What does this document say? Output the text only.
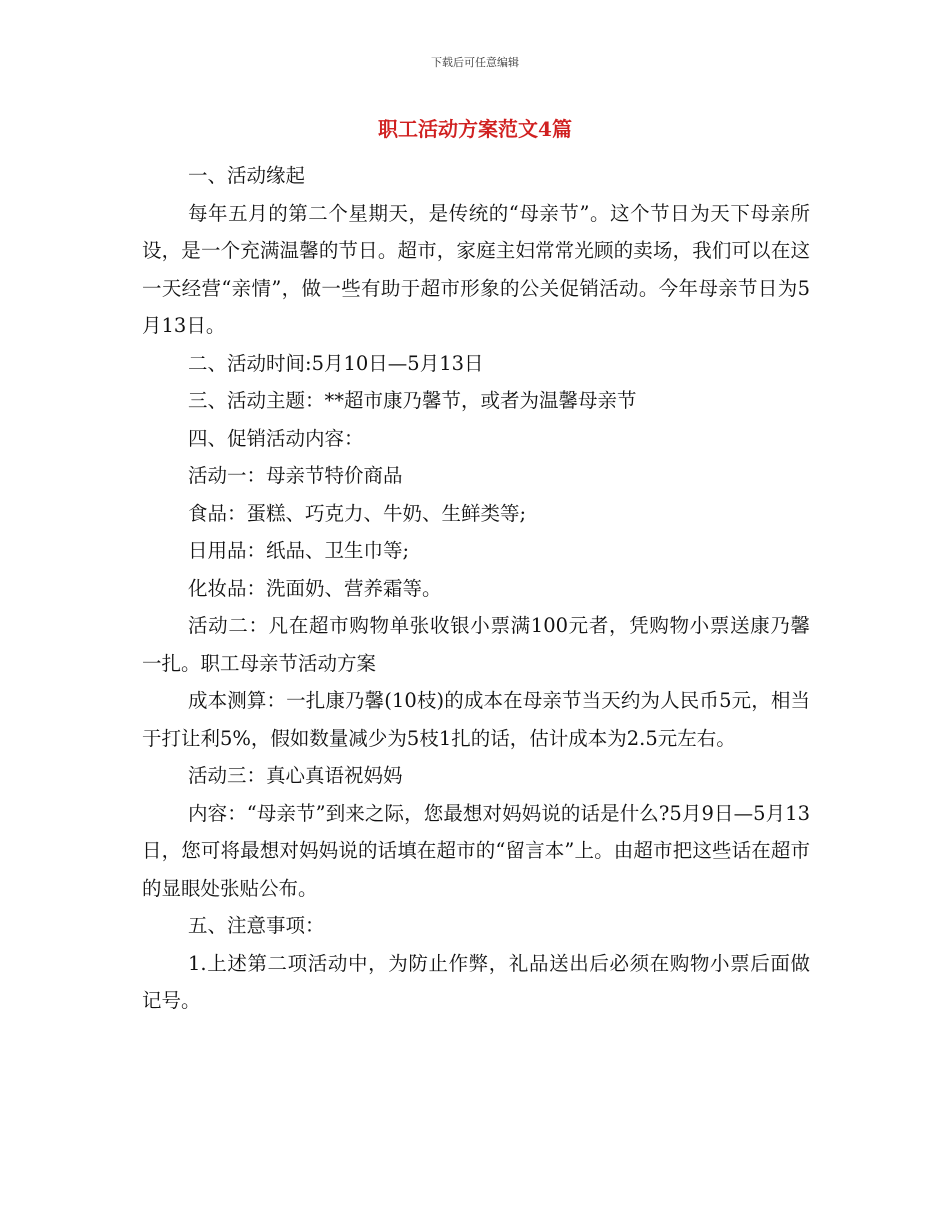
下载后可任意编辑
职工活动方案范文4篇

一、活动缘起

每年五月的第二个星期天，是传统的“母亲节”。这个节日为天下母亲所设，是一个充满温馨的节日。超市，家庭主妇常常光顾的卖场，我们可以在这一天经营“亲情”，做一些有助于超市形象的公关促销活动。今年母亲节日为5月13日。

二、活动时间:5月10日—5月13日

三、活动主题：**超市康乃馨节，或者为温馨母亲节

四、促销活动内容：

活动一：母亲节特价商品

食品：蛋糕、巧克力、牛奶、生鲜类等;

日用品：纸品、卫生巾等;

化妆品：洗面奶、营养霜等。

活动二：凡在超市购物单张收银小票满100元者，凭购物小票送康乃馨一扎。职工母亲节活动方案

成本测算：一扎康乃馨(10枝)的成本在母亲节当天约为人民币5元，相当于打让利5%，假如数量减少为5枝1扎的话，估计成本为2.5元左右。

活动三：真心真语祝妈妈

内容：“母亲节”到来之际，您最想对妈妈说的话是什么?5月9日—5月13日，您可将最想对妈妈说的话填在超市的“留言本”上。由超市把这些话在超市的显眼处张贴公布。

五、注意事项：

1.上述第二项活动中，为防止作弊，礼品送出后必须在购物小票后面做记号。
